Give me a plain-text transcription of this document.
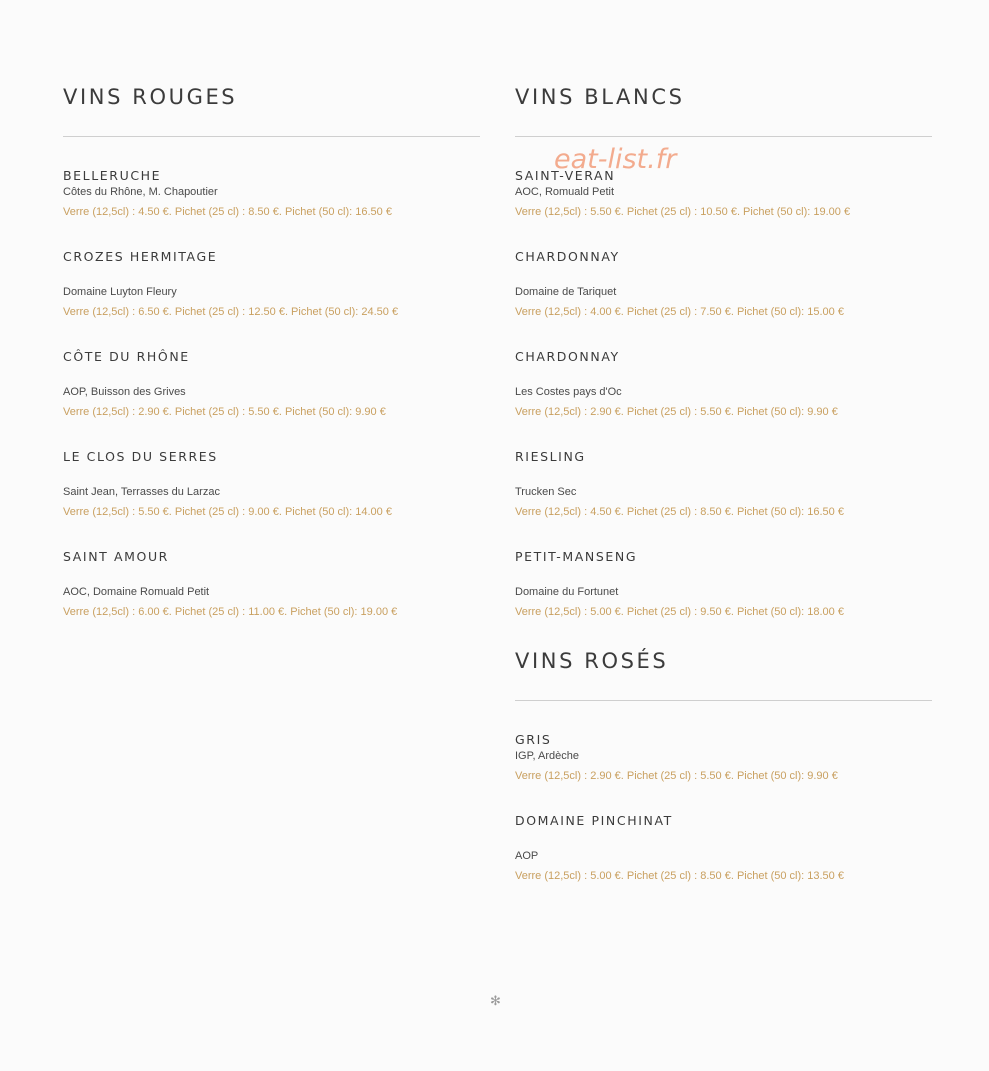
VINS ROUGES
BELLERUCHE
Côtes du Rhône, M. Chapoutier
Verre (12,5cl) : 4.50 €. Pichet (25 cl) : 8.50 €. Pichet (50 cl): 16.50 €
CROZES HERMITAGE
Domaine Luyton Fleury
Verre (12,5cl) : 6.50 €. Pichet (25 cl) : 12.50 €. Pichet (50 cl): 24.50 €
CÔTE DU RHÔNE
AOP, Buisson des Grives
Verre (12,5cl) : 2.90 €. Pichet (25 cl) : 5.50 €. Pichet (50 cl): 9.90 €
LE CLOS DU SERRES
Saint Jean, Terrasses du Larzac
Verre (12,5cl) : 5.50 €. Pichet (25 cl) : 9.00 €. Pichet (50 cl): 14.00 €
SAINT AMOUR
AOC, Domaine Romuald Petit
Verre (12,5cl) : 6.00 €. Pichet (25 cl) : 11.00 €. Pichet (50 cl): 19.00 €
VINS BLANCS
SAINT-VERAN
AOC, Romuald Petit
Verre (12,5cl) : 5.50 €. Pichet (25 cl) : 10.50 €. Pichet (50 cl): 19.00 €
CHARDONNAY
Domaine de Tariquet
Verre (12,5cl) : 4.00 €. Pichet (25 cl) : 7.50 €. Pichet (50 cl): 15.00 €
CHARDONNAY
Les Costes pays d'Oc
Verre (12,5cl) : 2.90 €. Pichet (25 cl) : 5.50 €. Pichet (50 cl): 9.90 €
RIESLING
Trucken Sec
Verre (12,5cl) : 4.50 €. Pichet (25 cl) : 8.50 €. Pichet (50 cl): 16.50 €
PETIT-MANSENG
Domaine du Fortunet
Verre (12,5cl) : 5.00 €. Pichet (25 cl) : 9.50 €. Pichet (50 cl): 18.00 €
VINS ROSÉS
GRIS
IGP, Ardèche
Verre (12,5cl) : 2.90 €. Pichet (25 cl) : 5.50 €. Pichet (50 cl): 9.90 €
DOMAINE PINCHINAT
AOP
Verre (12,5cl) : 5.00 €. Pichet (25 cl) : 8.50 €. Pichet (50 cl): 13.50 €
eat-list.fr
✻
